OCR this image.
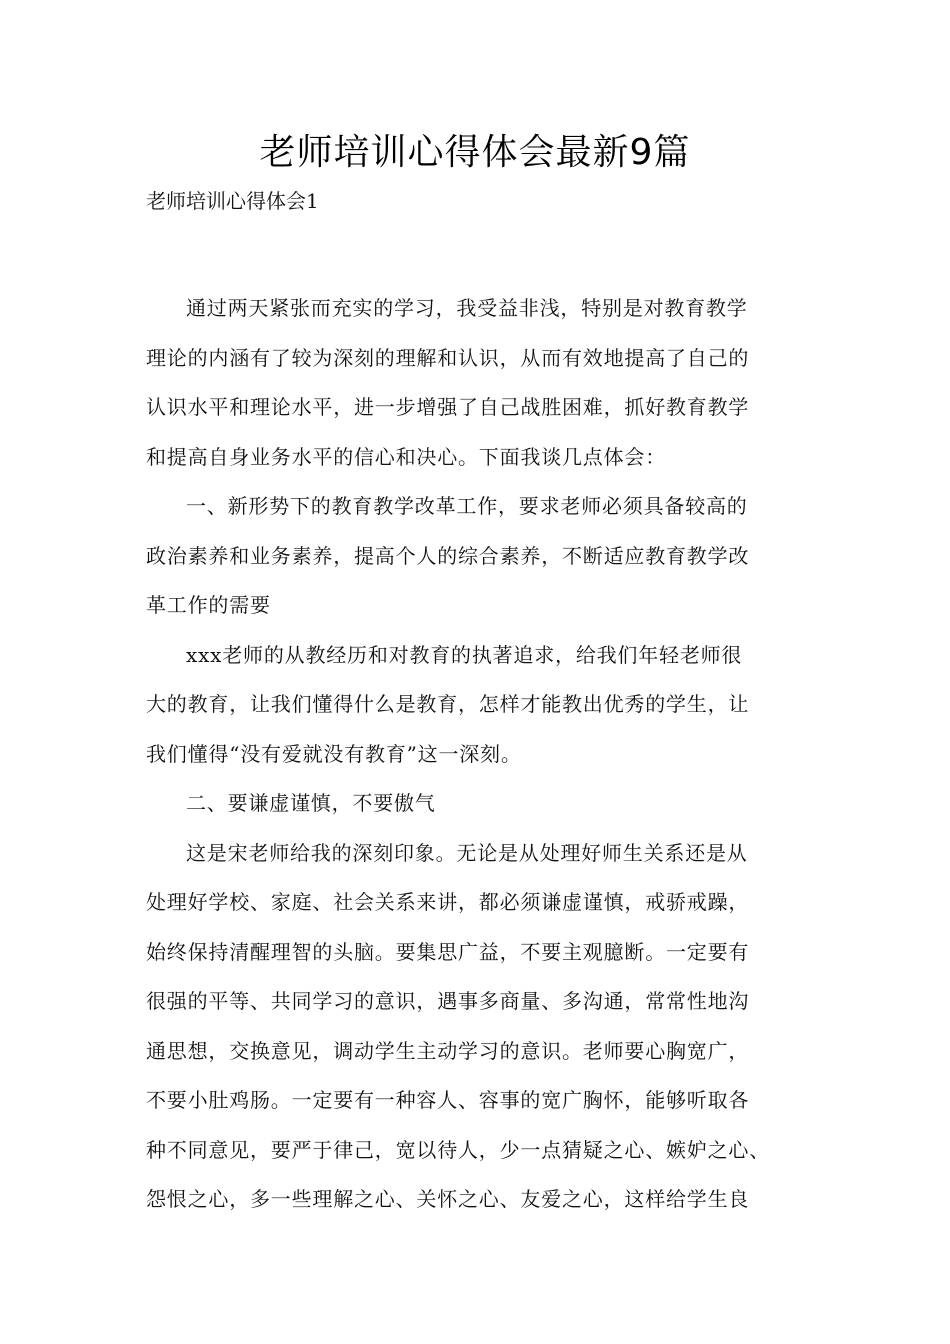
老师培训心得体会最新9篇
老师培训心得体会1

通过两天紧张而充实的学习，我受益非浅，特别是对教育教学
理论的内涵有了较为深刻的理解和认识，从而有效地提高了自己的
认识水平和理论水平，进一步增强了自己战胜困难，抓好教育教学
和提高自身业务水平的信心和决心。下面我谈几点体会：

一、新形势下的教育教学改革工作，要求老师必须具备较高的
政治素养和业务素养，提高个人的综合素养，不断适应教育教学改
革工作的需要

xxx老师的从教经历和对教育的执著追求，给我们年轻老师很
大的教育，让我们懂得什么是教育，怎样才能教出优秀的学生，让
我们懂得“没有爱就没有教育”这一深刻。

二、要谦虚谨慎，不要傲气

这是宋老师给我的深刻印象。无论是从处理好师生关系还是从
处理好学校、家庭、社会关系来讲，都必须谦虚谨慎，戒骄戒躁，
始终保持清醒理智的头脑。要集思广益，不要主观臆断。一定要有
很强的平等、共同学习的意识，遇事多商量、多沟通，常常性地沟
通思想，交换意见，调动学生主动学习的意识。老师要心胸宽广，
不要小肚鸡肠。一定要有一种容人、容事的宽广胸怀，能够听取各
种不同意见，要严于律己，宽以待人，少一点猜疑之心、嫉妒之心、
怨恨之心，多一些理解之心、关怀之心、友爱之心，这样给学生良
